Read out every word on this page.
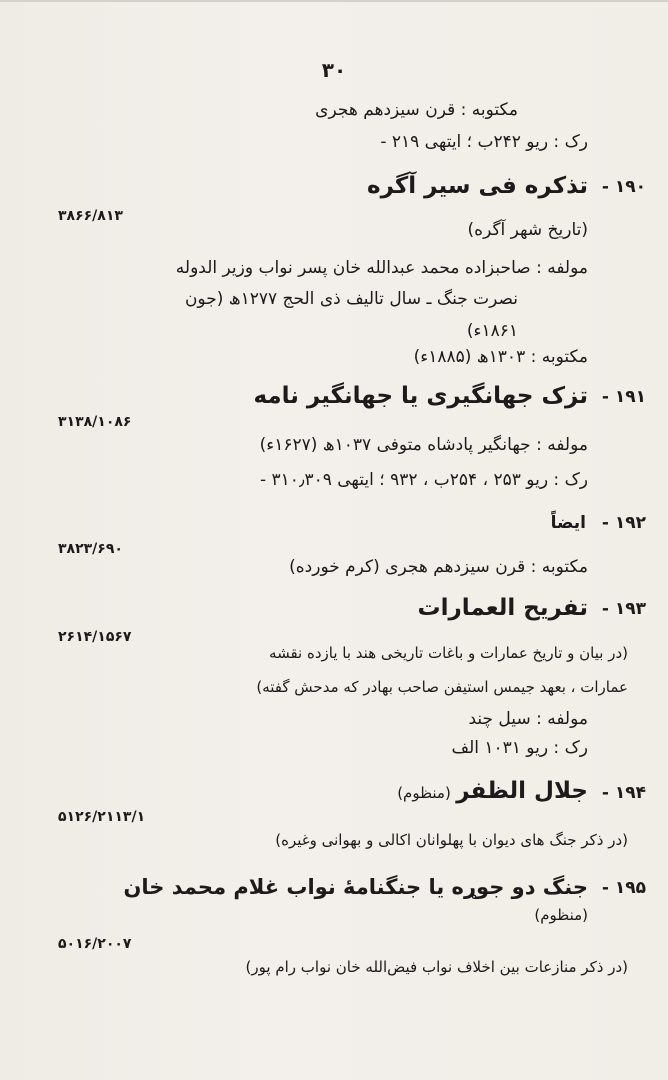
۳۰
مکتوبه : قرن سیزدهم هجری
رک : ریو ۲۴۲ب ؛ ایتهی ۲۱۹ -
۱۹۰ -
تذکره فی سیر آگره
۳۸۶۶/۸۱۳
(تاریخ شهر آگره)
مولفه : صاحبزاده محمد عبدالله خان پسر نواب وزیر الدوله
نصرت جنگ ـ سال تالیف ذی الحج ۱۲۷۷ھ (جون
۱۸۶۱ء)
مکتوبه : ۱۳۰۳ھ (۱۸۸۵ء)
۱۹۱ -
تزک جهانگیری یا جهانگیر نامه
۳۱۳۸/۱۰۸۶
مولفه : جهانگیر پادشاه متوفی ۱۰۳۷ھ (۱۶۲۷ء)
رک : ریو ۲۵۳ ، ۲۵۴ب ، ۹۳۲ ؛ ایتهی ۳۱۰٫۳۰۹ -
۱۹۲ -
ایضاً
۳۸۲۳/۶۹۰
مکتوبه : قرن سیزدهم هجری (کرم خورده)
۱۹۳ -
تفریح العمارات
۲۶۱۴/۱۵۶۷
(در بیان و تاریخ عمارات و باغات تاریخی هند با یازده نقشه
عمارات ، بعهد جیمس استیفن صاحب بهادر که مدحش گفته)
مولفه : سیل چند
رک : ریو ۱۰۳۱ الف
۱۹۴ -
جلال الظفر (منظوم)
۵۱۲۶/۲۱۱۳/۱
(در ذکر جنگ های دیوان با پهلوانان اکالی و بهوانی وغیره)
۱۹۵ -
جنگ دو جوړه یا جنگنامهٔ نواب غلام محمد خان
(منظوم)
۵۰۱۶/۲۰۰۷
(در ذکر منازعات بین اخلاف نواب فیض‌الله خان نواب رام پور)
